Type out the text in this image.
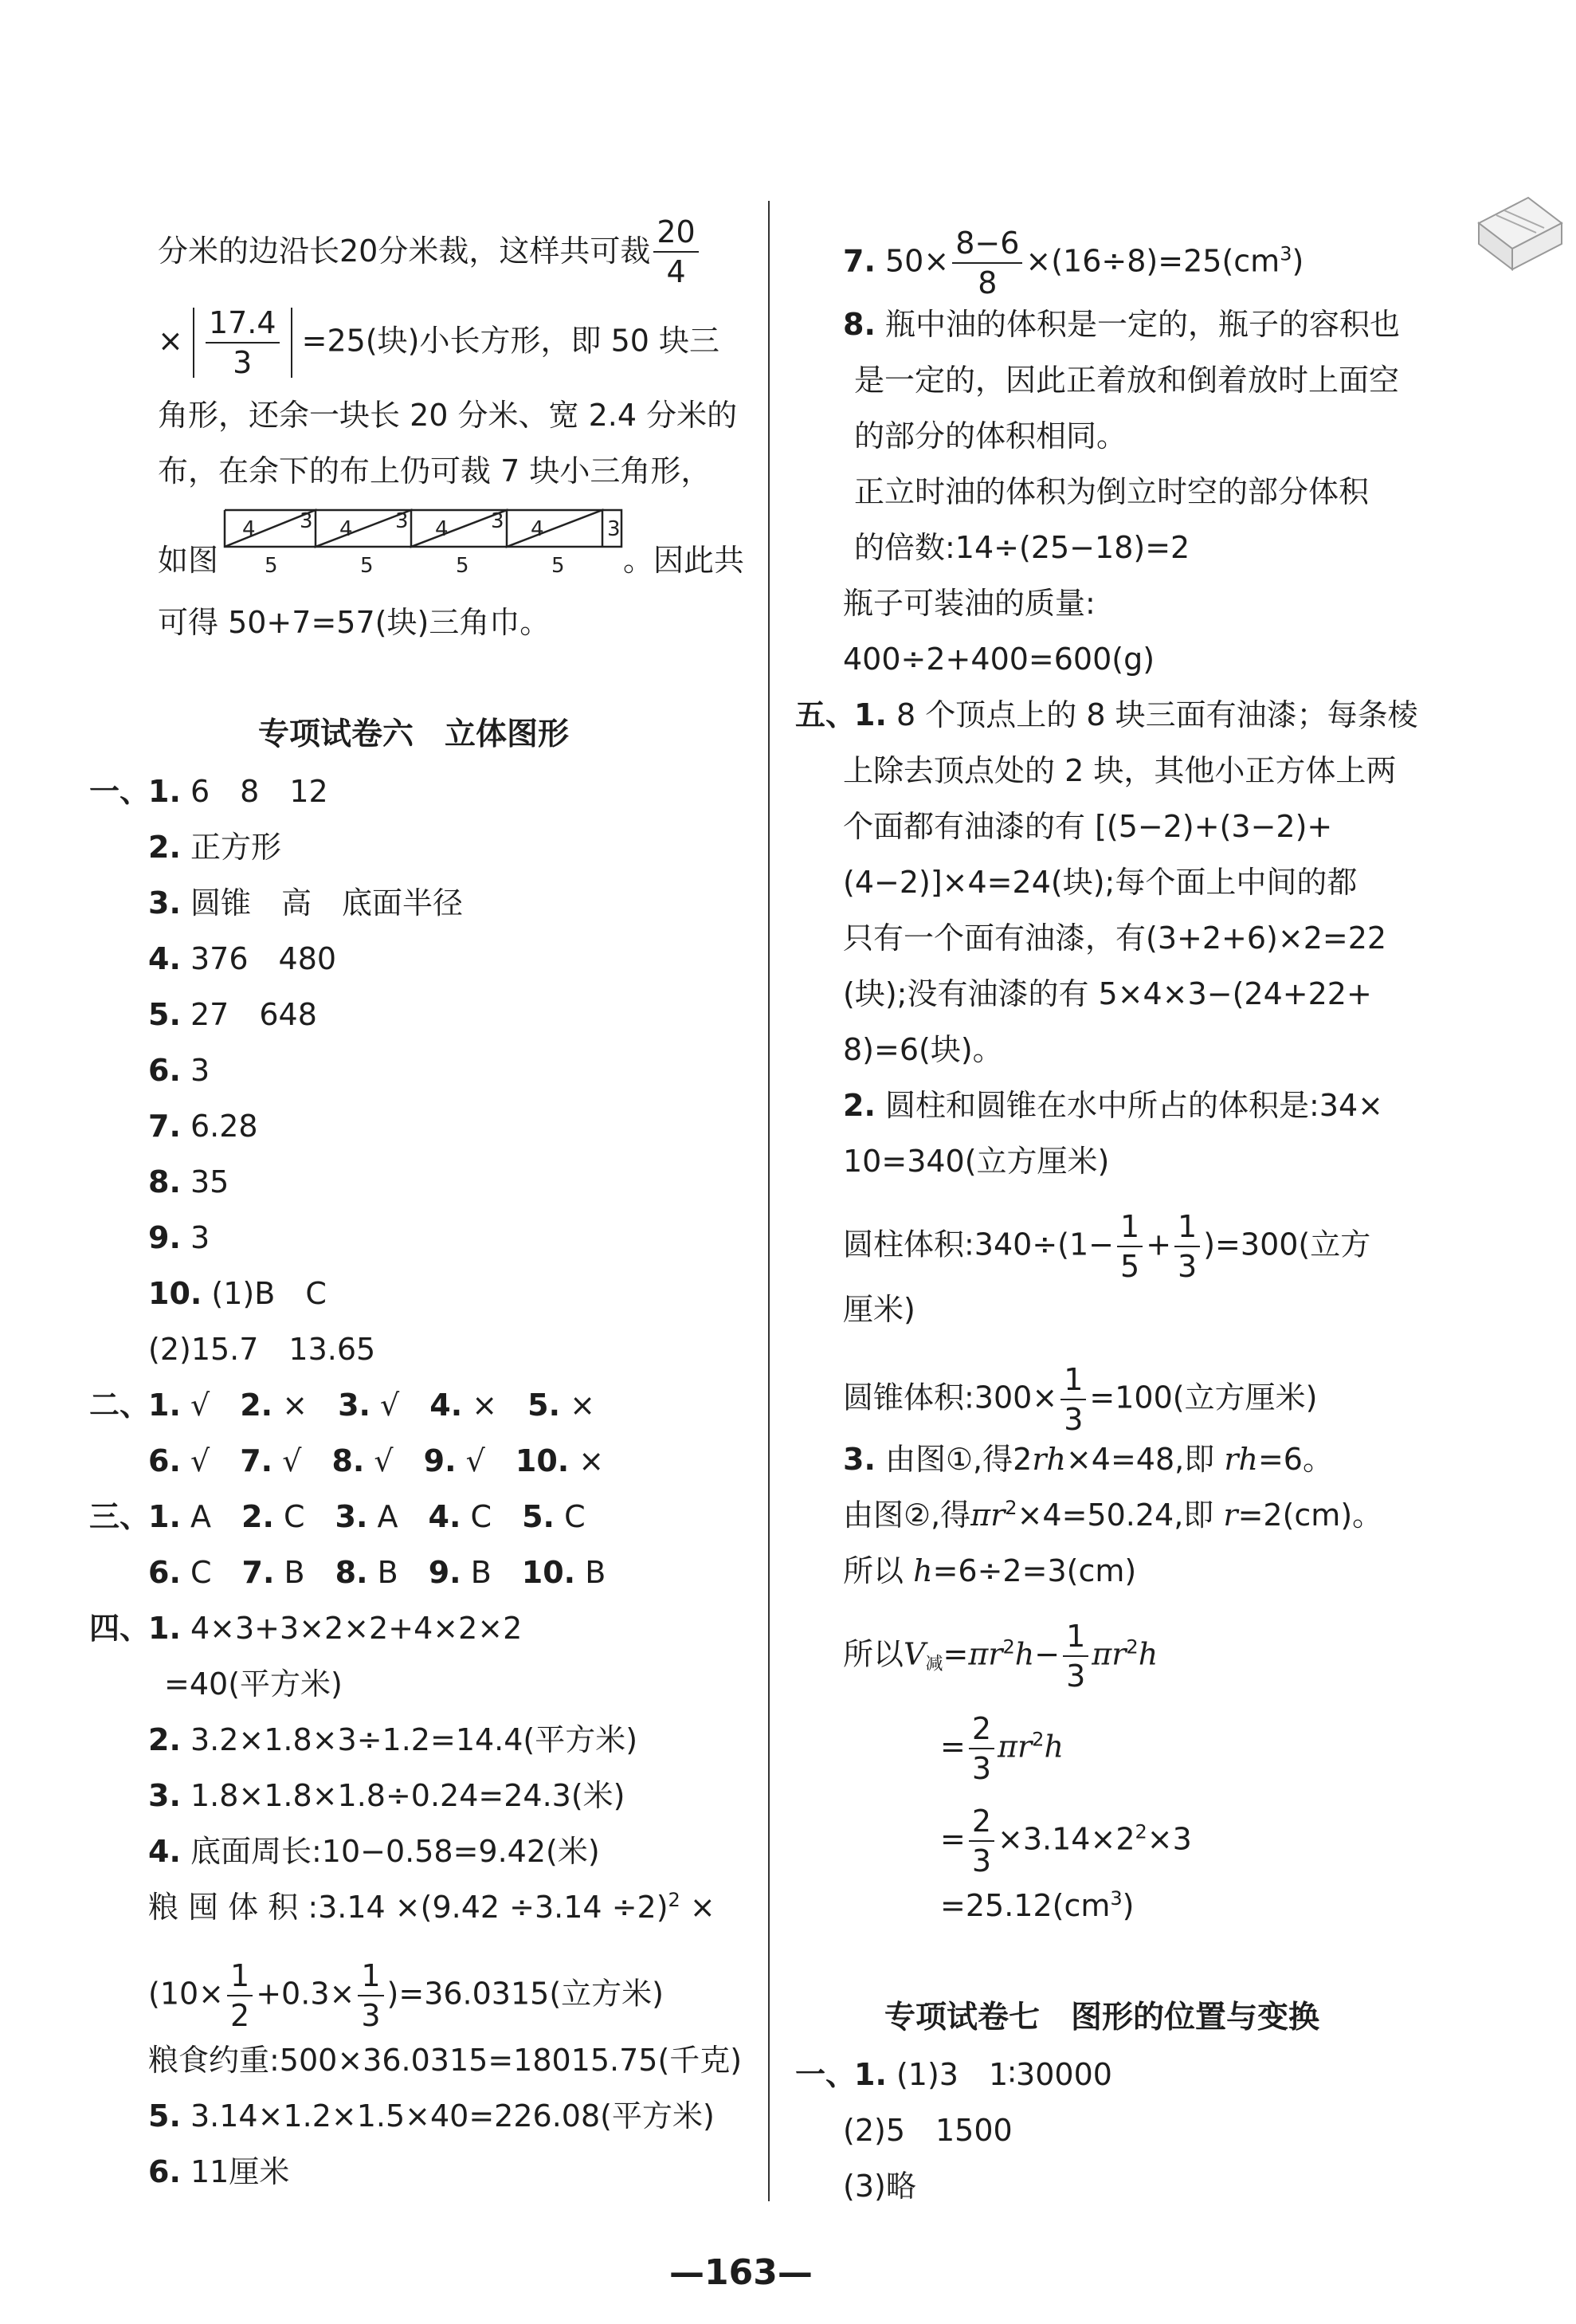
分米的边沿长20分米裁，这样共可裁 $\frac{20}{4}$
× $\frac{17.4}{3} =25$(块)小长方形，即 50 块三
角形，还余一块长 20 分米、宽 2.4 分米的
布，在余下的布上仍可裁 7 块小三角形，
如图	。因此共
4 3 4 3 4 3 4	3
5	5	5	5
可得 50+7=57(块)三角巾。
专项试卷六　立体图形
一、
1. 6　8　12
2. 正方形
3. 圆锥　高　底面半径
4. 376　480
5. 27　648
6. 3
7. 6.28
8. 35
9. 3
10. (1)B　C
(2)15.7　13.65
二、
1. √　 2. ×　 3. √　 4. ×　 5. ×
6. √　 7. √　 8. √　 9. √　 10. ×
三、
1. A　 2. C　 3. A　 4. C　 5. C
6. C　 7. B　 8. B　 9. B　 10. B
四、
1. 4×3+3×2×2+4×2×2
=40(平方米)
2. 3.2×1.8×3÷1.2=14.4(平方米)
3. 1.8×1.8×1.8÷0.24=24.3(米)
4. 底面周长:10−0.58=9.42(米)
粮 囤 体 积 :3.14 $\times(9.42 \div 3.14 \div 2)^2$ ×
$(10\times \frac{1}{2} +0.3\times \frac{1}{3} )=36.0315$(立方米)
粮食约重:500×36.0315=18015.75(千克)
5. 3.14×1.2×1.5×40=226.08(平方米)
6. 11厘米
7. $50\times \frac{8-6}{8} \times(16\div 8)=25(cm^3)$
8. 瓶中油的体积是一定的，瓶子的容积也
是一定的，因此正着放和倒着放时上面空
的部分的体积相同。
正立时油的体积为倒立时空的部分体积
的倍数:14÷(25−18)=2
瓶子可装油的质量:
400÷2+400=600(g)
五、
1. 8 个顶点上的 8 块三面有油漆；每条棱
上除去顶点处的 2 块，其他小正方体上两
个面都有油漆的有 [(5−2)+(3−2)+
(4−2)]×4=24(块);每个面上中间的都
只有一个面有油漆，有(3+2+6)×2=22
(块);没有油漆的有 5×4×3−(24+22+
8)=6(块)。
2. 圆柱和圆锥在水中所占的体积是:34×
10=340(立方厘米)
圆柱体积:340÷(1− $\frac{1}{5} + \frac{1}{3} )=300$(立方
厘米)
圆锥体积:300× $\frac{1}{3} =100$(立方厘米)
3. 由图①,得2rh×4=48,即 rh=6。
由图②,得$\pi r^2\times 4=50.24$,即 r=2(cm)。
所以 h=6÷2=3(cm)
所以$V_减=\pi r^2h- \frac{1}{3} \pi r^2h$
= $\frac{2}{3} \pi r^2h$
= $\frac{2}{3} \times 3.14\times 2^2\times 3$
$=25.12(cm^3)$
专项试卷七　图形的位置与变换
一、
1. (1)3　1∶30000
(2)5　1500
(3)略
—163—
